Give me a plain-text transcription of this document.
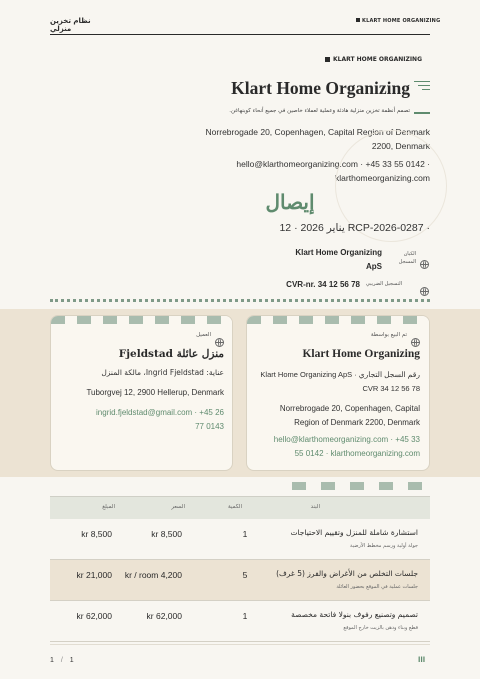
نظام تخزين منزلي
KLART HOME ORGANIZING
KLART HOME ORGANIZING
Klart Home Organizing
تصمم أنظمة تخزين منزلية هادئة وعملية لعملاء خاصين في جميع أنحاء كوبنهاغن.
Norrebrogade 20, Copenhagen, Capital Region of Denmark
2200, Denmark
hello@klarthomeorganizing.com · +45 33 55 0142 ·
klarthomeorganizing.com
إيصال
12 · يناير 2026 RCP-2026-0287 ·
Klart Home Organizing
ApS
الكيان المسجل

CVR-nr. 34 12 56 78	التسجيل الضريبي
العميل
منزل عائلة Fjeldstad
عناية: Ingrid Fjeldstad، مالكة المنزل
Tuborgvej 12, 2900 Hellerup, Denmark
ingrid.fjeldstad@gmail.com · +45 26
77 0143
تم البيع بواسطة
Klart Home Organizing
Klart Home Organizing ApS · رقم السجل التجاري
CVR 34 12 56 78
Norrebrogade 20, Copenhagen, Capital
Region of Denmark 2200, Denmark
hello@klarthomeorganizing.com · +45 33
55 0142 · klarthomeorganizing.com
البند
الكمية
السعر
المبلغ
استشارة شاملة للمنزل وتقييم الاحتياجات
جولة أولية ورسم مخطط الأرضية
1
kr 8,500
kr 8,500
جلسات التخلص من الأغراض والفرز (5 غرف)
جلسات عملية في الموقع بحضور العائلة
5
kr / room 4,200
kr 21,000
تصميم وتصنيع رفوف بنولا فاتحة مخصصة
قطع وبناء ودهن بالزيت خارج الموقع
1
kr 62,000
kr 62,000
1 / 1	ااا
